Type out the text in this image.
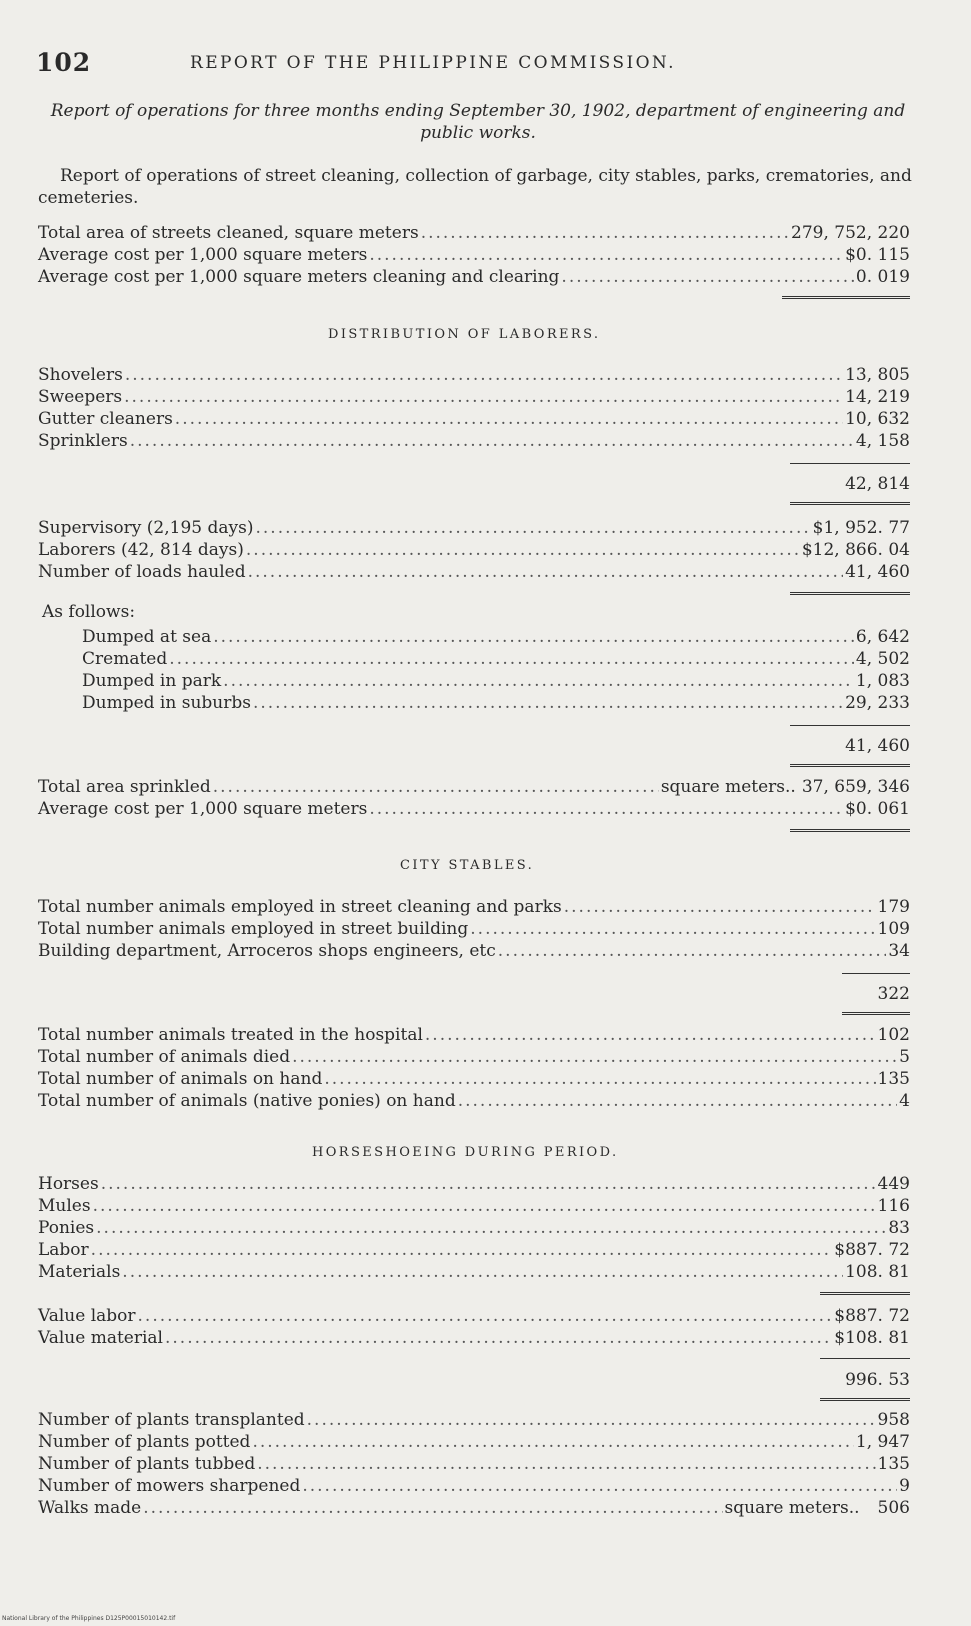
102	REPORT OF THE PHILIPPINE COMMISSION.
Report of operations for three months ending September 30, 1902, department of engineering and public works.
Report of operations of street cleaning, collection of garbage, city stables, parks, crematories, and cemeteries.
Total area of streets cleaned, square meters .....	279, 752, 220
Average cost per 1,000 square meters .....	$0. 115
Average cost per 1,000 square meters cleaning and clearing .....	0. 019
DISTRIBUTION OF LABORERS.
Shovelers .....	13, 805
Sweepers .....	14, 219
Gutter cleaners .....	10, 632
Sprinklers .....	4, 158
42, 814
Supervisory (2,195 days) .....	$1, 952. 77
Laborers (42, 814 days) .....	$12, 866. 04
Number of loads hauled .....	41, 460
As follows:
Dumped at sea .....	6, 642
Cremated .....	4, 502
Dumped in park .....	1, 083
Dumped in suburbs .....	29, 233
41, 460
Total area sprinkled .....	square meters.. 37, 659, 346
Average cost per 1,000 square meters .....	$0. 061
CITY STABLES.
Total number animals employed in street cleaning and parks .....	179
Total number animals employed in street building .....	109
Building department, Arroceros shops engineers, etc .....	34
322
Total number animals treated in the hospital .....	102
Total number of animals died .....	5
Total number of animals on hand .....	135
Total number of animals (native ponies) on hand .....	4
HORSESHOEING DURING PERIOD.
Horses .....	449
Mules .....	116
Ponies .....	83
Labor .....	$887. 72
Materials .....	108. 81
Value labor .....	$887. 72
Value material .....	$108. 81
996. 53
Number of plants transplanted .....	958
Number of plants potted .....	1, 947
Number of plants tubbed .....	135
Number of mowers sharpened .....	9
Walks made .....	square meters.. 506
National Library of the Philippines D125P00015010142.tif
